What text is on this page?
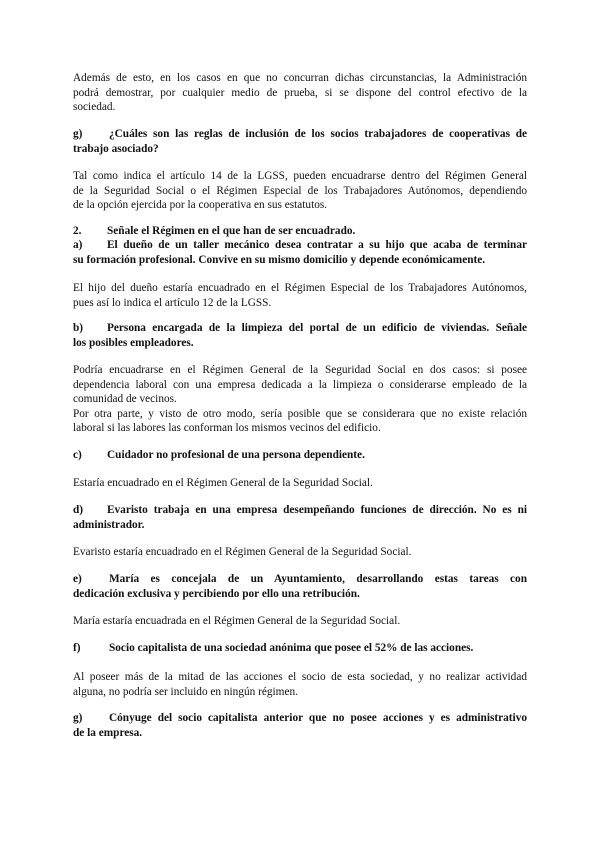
Además de esto, en los casos en que no concurran dichas circunstancias, la Administración
podrá demostrar, por cualquier medio de prueba, si se dispone del control efectivo de la
sociedad.
g) ¿Cuáles son las reglas de inclusión de los socios trabajadores de cooperativas de
trabajo asociado?
Tal como indica el artículo 14 de la LGSS, pueden encuadrarse dentro del Régimen General
de la Seguridad Social o el Régimen Especial de los Trabajadores Autónomos, dependiendo
de la opción ejercida por la cooperativa en sus estatutos.
2. Señale el Régimen en el que han de ser encuadrado.
a) El dueño de un taller mecánico desea contratar a su hijo que acaba de terminar
su formación profesional. Convive en su mismo domicilio y depende económicamente.
El hijo del dueño estaría encuadrado en el Régimen Especial de los Trabajadores Autónomos,
pues así lo indica el artículo 12 de la LGSS.
b) Persona encargada de la limpieza del portal de un edificio de viviendas. Señale
los posibles empleadores.
Podría encuadrarse en el Régimen General de la Seguridad Social en dos casos: si posee
dependencia laboral con una empresa dedicada a la limpieza o considerarse empleado de la
comunidad de vecinos.
Por otra parte, y visto de otro modo, sería posible que se considerara que no existe relación
laboral si las labores las conforman los mismos vecinos del edificio.
c) Cuidador no profesional de una persona dependiente.
Estaría encuadrado en el Régimen General de la Seguridad Social.
d) Evaristo trabaja en una empresa desempeñando funciones de dirección. No es ni
administrador.
Evaristo estaría encuadrado en el Régimen General de la Seguridad Social.
e) María es concejala de un Ayuntamiento, desarrollando estas tareas con
dedicación exclusiva y percibiendo por ello una retribución.
María estaría encuadrada en el Régimen General de la Seguridad Social.
f)	Socio capitalista de una sociedad anónima que posee el 52% de las acciones.
Al poseer más de la mitad de las acciones el socio de esta sociedad, y no realizar actividad
alguna, no podría ser incluido en ningún régimen.
g) Cónyuge del socio capitalista anterior que no posee acciones y es administrativo
de la empresa.
